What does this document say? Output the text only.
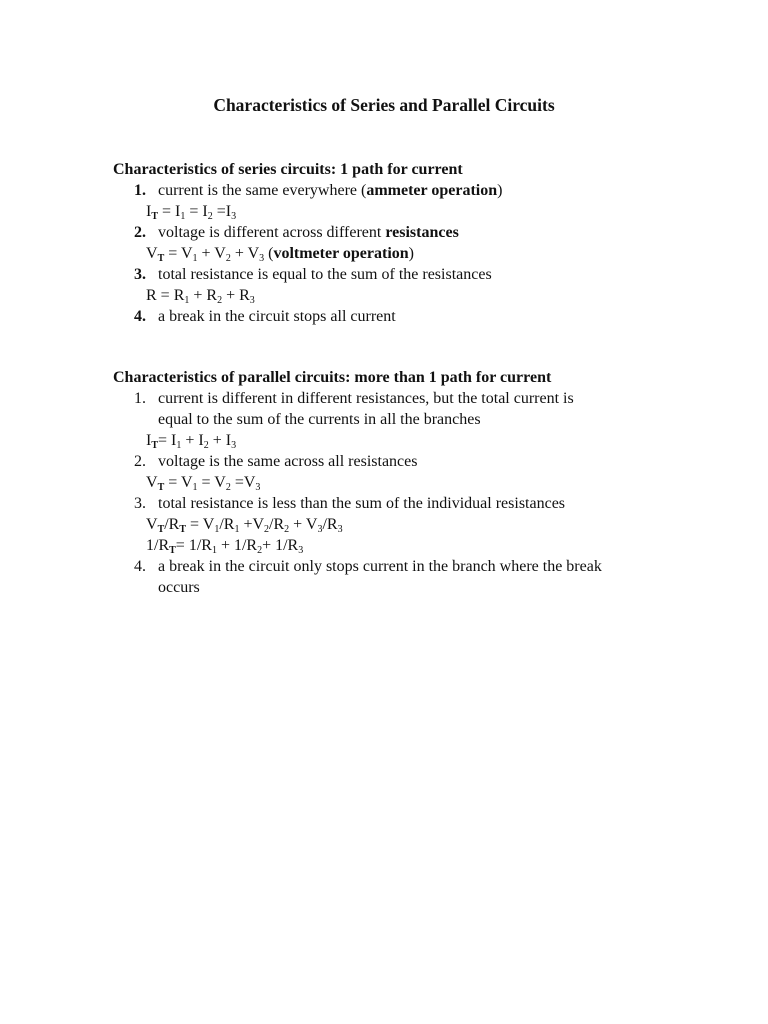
Characteristics of Series and Parallel Circuits
Characteristics of series circuits: 1 path for current
1. current is the same everywhere (ammeter operation)
$I_T = I_1 = I_2 =I_3$
2. voltage is different across different resistances
$V_T = V_1 + V_2 + V_3$ (voltmeter operation)
3. total resistance is equal to the sum of the resistances
$R = R_1 + R_2 + R_3$
4. a break in the circuit stops all current
Characteristics of parallel circuits: more than 1 path for current
1. current is different in different resistances, but the total current is
equal to the sum of the currents in all the branches
$I_T= I_1 + I_2 + I_3$
2. voltage is the same across all resistances
$V_T = V_1 = V_2 =V_3$
3. total resistance is less than the sum of the individual resistances
$V_T/R_T = V_1/R_1 +V_2/R_2 + V_3/R_3$
$1/R_T= 1/R_1 + 1/R_2+ 1/R_3$
4. a break in the circuit only stops current in the branch where the break
occurs
